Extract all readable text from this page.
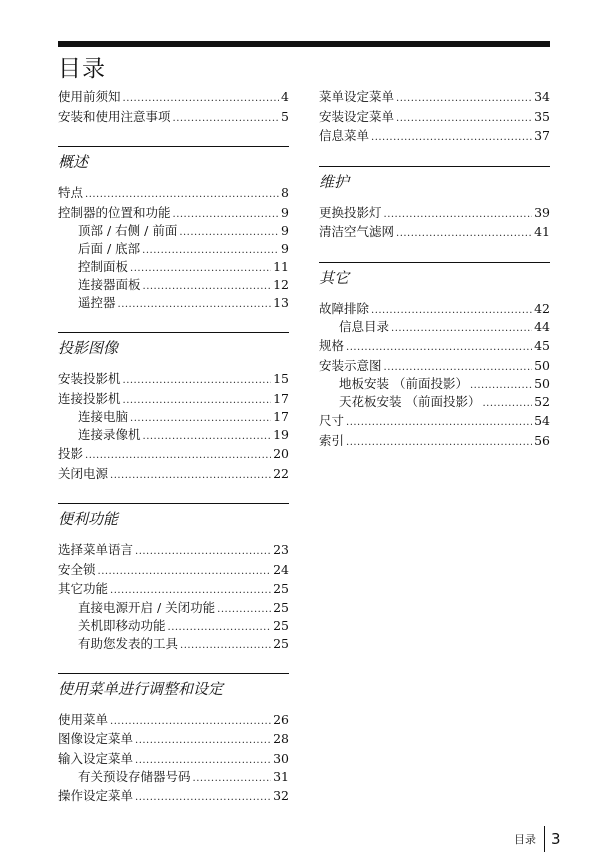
目录
使用前须知 .....	4
安装和使用注意事项 .....	5
概述
特点 .....	8
控制器的位置和功能 .....	9
顶部 / 右侧 / 前面 .....	9
后面 / 底部 .....	9
控制面板 .....	11
连接器面板 .....	12
遥控器 .....	13
投影图像
安装投影机 .....	15
连接投影机 .....	17
连接电脑 .....	17
连接录像机 .....	19
投影 .....	20
关闭电源 .....	22
便利功能
选择菜单语言 .....	23
安全锁 .....	24
其它功能 .....	25
直接电源开启 / 关闭功能 .....	25
关机即移动功能 .....	25
有助您发表的工具 .....	25
使用菜单进行调整和设定
使用菜单 .....	26
图像设定菜单 .....	28
输入设定菜单 .....	30
有关预设存储器号码 .....	31
操作设定菜单 .....	32
菜单设定菜单 .....	34
安装设定菜单 .....	35
信息菜单 .....	37
维护
更换投影灯 .....	39
清洁空气滤网 .....	41
其它
故障排除 .....	42
信息目录 .....	44
规格 .....	45
安装示意图 .....	50
地板安装 （前面投影） .....	50
天花板安装 （前面投影） .....	52
尺寸 .....	54
索引 .....	56
目录 3
